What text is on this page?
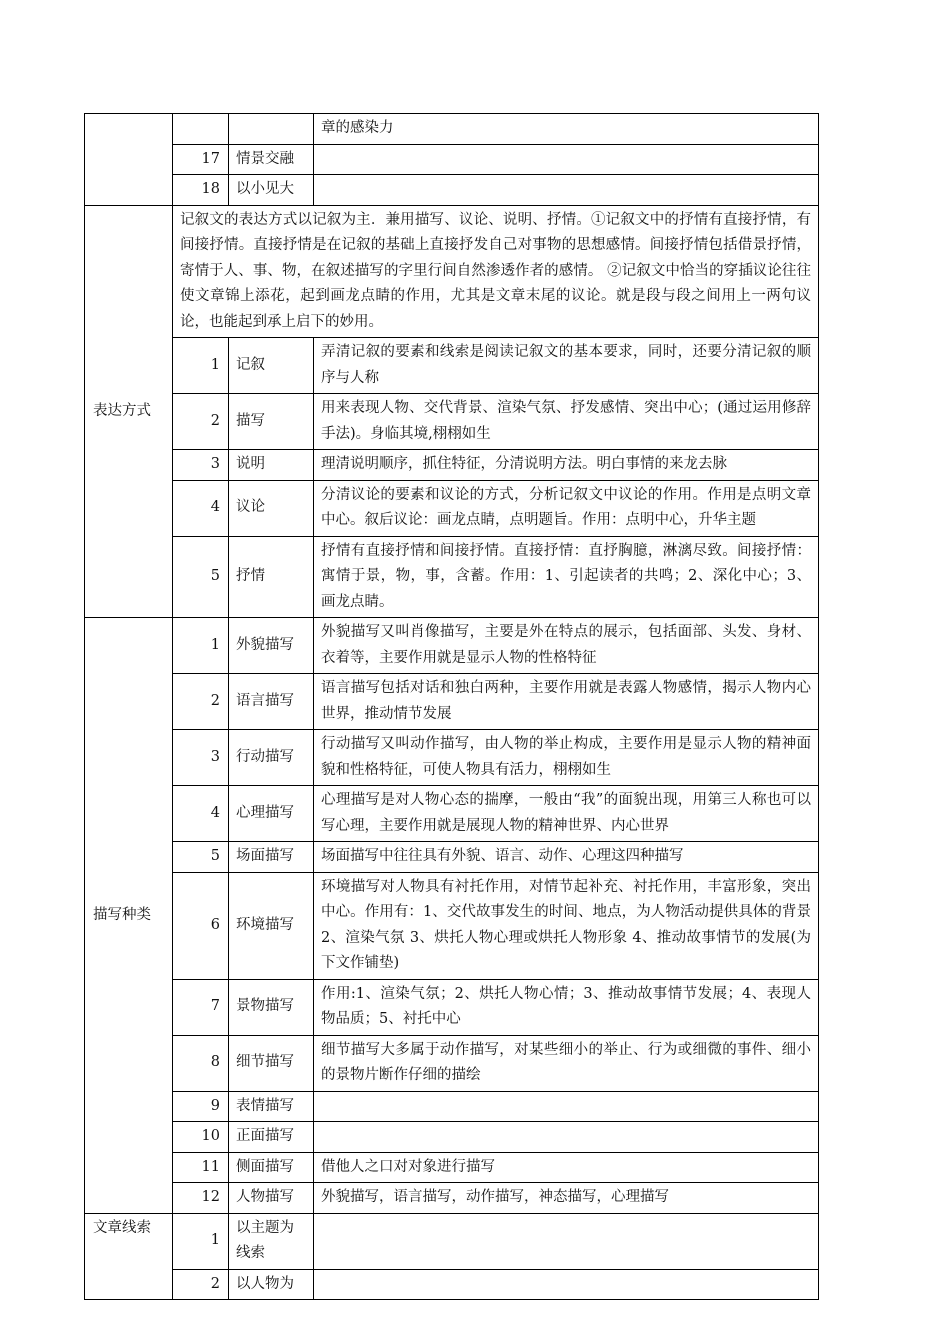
			章的感染力
	17	情景交融	
	18	以小见大	
表达方式	记叙文的表达方式以记叙为主．兼用描写、议论、说明、抒情。①记叙文中的抒情有直接抒情，有间接抒情。直接抒情是在记叙的基础上直接抒发自己对事物的思想感情。间接抒情包括借景抒情，寄情于人、事、物，在叙述描写的字里行间自然渗透作者的感情。 ②记叙文中恰当的穿插议论往往使文章锦上添花，起到画龙点睛的作用，尤其是文章末尾的议论。就是段与段之间用上一两句议论，也能起到承上启下的妙用。		
	1	记叙	弄清记叙的要素和线索是阅读记叙文的基本要求，同时，还要分清记叙的顺序与人称
	2	描写	用来表现人物、交代背景、渲染气氛、抒发感情、突出中心；(通过运用修辞手法)。身临其境,栩栩如生
	3	说明	理清说明顺序，抓住特征，分清说明方法。明白事情的来龙去脉
	4	议论	分清议论的要素和议论的方式，分析记叙文中议论的作用。作用是点明文章中心。叙后议论：画龙点睛，点明题旨。作用：点明中心，升华主题
	5	抒情	抒情有直接抒情和间接抒情。直接抒情：直抒胸臆，淋漓尽致。间接抒情：寓情于景，物，事，含蓄。作用：1、引起读者的共鸣；2、深化中心；3、画龙点睛。
描写种类	1	外貌描写	外貌描写又叫肖像描写，主要是外在特点的展示，包括面部、头发、身材、衣着等，主要作用就是显示人物的性格特征
	2	语言描写	语言描写包括对话和独白两种，主要作用就是表露人物感情，揭示人物内心世界，推动情节发展
	3	行动描写	行动描写又叫动作描写，由人物的举止构成，主要作用是显示人物的精神面貌和性格特征，可使人物具有活力，栩栩如生
	4	心理描写	心理描写是对人物心态的揣摩，一般由“我”的面貌出现，用第三人称也可以写心理，主要作用就是展现人物的精神世界、内心世界
	5	场面描写	场面描写中往往具有外貌、语言、动作、心理这四种描写
	6	环境描写	环境描写对人物具有衬托作用，对情节起补充、衬托作用，丰富形象，突出中心。作用有：1、交代故事发生的时间、地点，为人物活动提供具体的背景 2、渲染气氛 3、烘托人物心理或烘托人物形象 4、推动故事情节的发展(为下文作铺垫)
	7	景物描写	作用:1、渲染气氛；2、烘托人物心情；3、推动故事情节发展；4、表现人物品质；5、衬托中心
	8	细节描写	细节描写大多属于动作描写，对某些细小的举止、行为或细微的事件、细小的景物片断作仔细的描绘
	9	表情描写	
	10	正面描写	
	11	侧面描写	借他人之口对对象进行描写
	12	人物描写	外貌描写，语言描写，动作描写，神态描写，心理描写
文章线索	1	以主题为线索	
	2	以人物为	
